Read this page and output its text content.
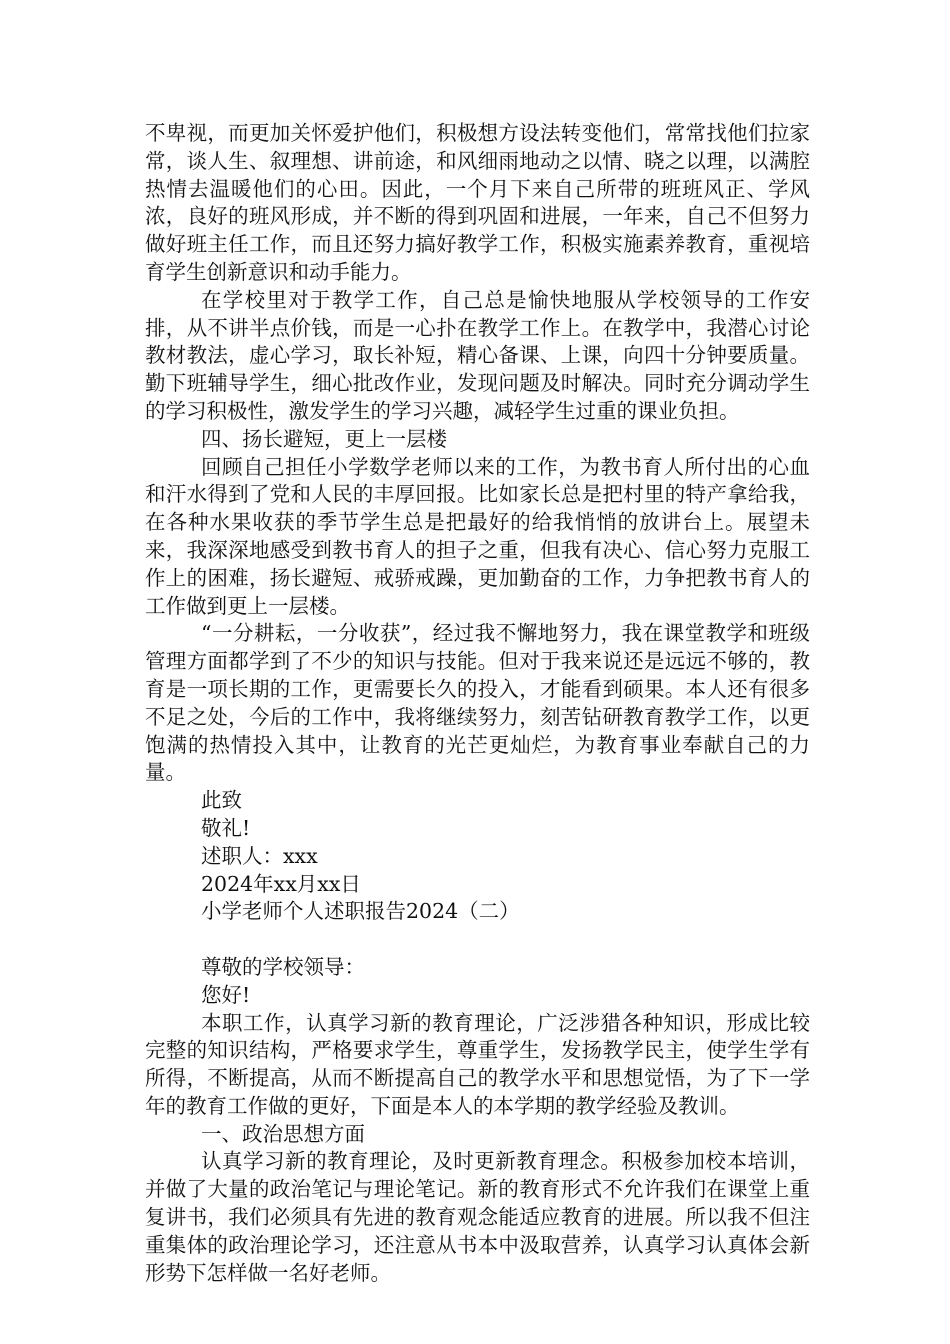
不卑视，而更加关怀爱护他们，积极想方设法转变他们，常常找他们拉家常，谈人生、叙理想、讲前途，和风细雨地动之以情、晓之以理，以满腔热情去温暖他们的心田。因此，一个月下来自己所带的班班风正、学风浓，良好的班风形成，并不断的得到巩固和进展，一年来，自己不但努力做好班主任工作，而且还努力搞好教学工作，积极实施素养教育，重视培育学生创新意识和动手能力。

在学校里对于教学工作，自己总是愉快地服从学校领导的工作安排，从不讲半点价钱，而是一心扑在教学工作上。在教学中，我潜心讨论教材教法，虚心学习，取长补短，精心备课、上课，向四十分钟要质量。勤下班辅导学生，细心批改作业，发现问题及时解决。同时充分调动学生的学习积极性，激发学生的学习兴趣，减轻学生过重的课业负担。

四、扬长避短，更上一层楼

回顾自己担任小学数学老师以来的工作，为教书育人所付出的心血和汗水得到了党和人民的丰厚回报。比如家长总是把村里的特产拿给我，在各种水果收获的季节学生总是把最好的给我悄悄的放讲台上。展望未来，我深深地感受到教书育人的担子之重，但我有决心、信心努力克服工作上的困难，扬长避短、戒骄戒躁，更加勤奋的工作，力争把教书育人的工作做到更上一层楼。

“一分耕耘，一分收获”，经过我不懈地努力，我在课堂教学和班级管理方面都学到了不少的知识与技能。但对于我来说还是远远不够的，教育是一项长期的工作，更需要长久的投入，才能看到硕果。本人还有很多不足之处，今后的工作中，我将继续努力，刻苦钻研教育教学工作，以更饱满的热情投入其中，让教育的光芒更灿烂，为教育事业奉献自己的力量。

此致

敬礼!

述职人：xxx

2024年xx月xx日

小学老师个人述职报告2024（二）

尊敬的学校领导：

您好!

本职工作，认真学习新的教育理论，广泛涉猎各种知识，形成比较完整的知识结构，严格要求学生，尊重学生，发扬教学民主，使学生学有所得，不断提高，从而不断提高自己的教学水平和思想觉悟，为了下一学年的教育工作做的更好，下面是本人的本学期的教学经验及教训。

一、政治思想方面

认真学习新的教育理论，及时更新教育理念。积极参加校本培训，并做了大量的政治笔记与理论笔记。新的教育形式不允许我们在课堂上重复讲书，我们必须具有先进的教育观念能适应教育的进展。所以我不但注重集体的政治理论学习，还注意从书本中汲取营养，认真学习认真体会新形势下怎样做一名好老师。
